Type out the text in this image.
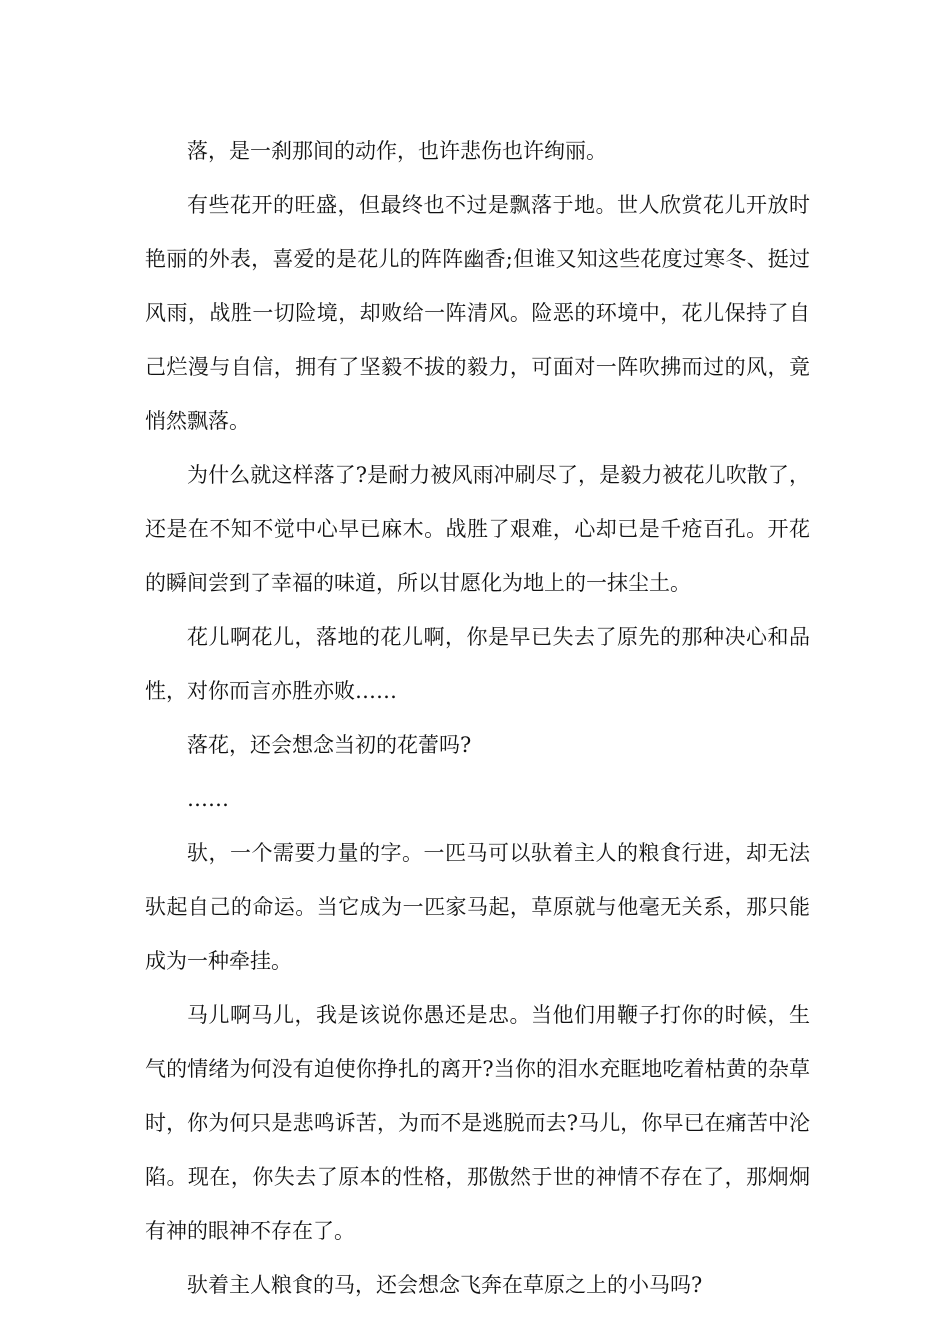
落，是一刹那间的动作，也许悲伤也许绚丽。

有些花开的旺盛，但最终也不过是飘落于地。世人欣赏花儿开放时艳丽的外表，喜爱的是花儿的阵阵幽香;但谁又知这些花度过寒冬、挺过风雨，战胜一切险境，却败给一阵清风。险恶的环境中，花儿保持了自己烂漫与自信，拥有了坚毅不拔的毅力，可面对一阵吹拂而过的风，竟悄然飘落。

为什么就这样落了?是耐力被风雨冲刷尽了，是毅力被花儿吹散了，还是在不知不觉中心早已麻木。战胜了艰难，心却已是千疮百孔。开花的瞬间尝到了幸福的味道，所以甘愿化为地上的一抹尘土。

花儿啊花儿，落地的花儿啊，你是早已失去了原先的那种决心和品性，对你而言亦胜亦败……

落花，还会想念当初的花蕾吗?

……

驮，一个需要力量的字。一匹马可以驮着主人的粮食行进，却无法驮起自己的命运。当它成为一匹家马起，草原就与他毫无关系，那只能成为一种牵挂。

马儿啊马儿，我是该说你愚还是忠。当他们用鞭子打你的时候，生气的情绪为何没有迫使你挣扎的离开?当你的泪水充眶地吃着枯黄的杂草时，你为何只是悲鸣诉苦，为而不是逃脱而去?马儿，你早已在痛苦中沦陷。现在，你失去了原本的性格，那傲然于世的神情不存在了，那炯炯有神的眼神不存在了。

驮着主人粮食的马，还会想念飞奔在草原之上的小马吗?
